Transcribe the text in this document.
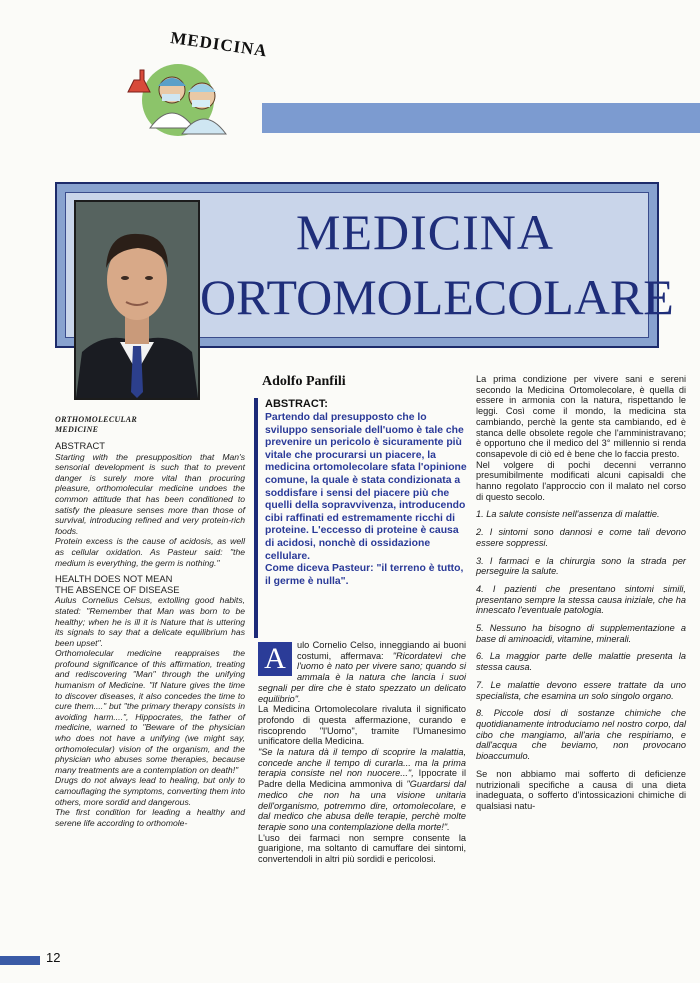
MEDICINA
MEDICINA
ORTOMOLECOLARE

ORTHOMOLECULAR

MEDICINE

ABSTRACT

Starting with the presupposition that Man's sensorial development is such that to prevent danger is surely more vital than procuring pleasure, orthomolecular medicine undoes the common attitude that has been conditioned to satisfy the pleasure senses more than those of survival, introducing refined and very protein-rich foods.

Protein excess is the cause of acidosis, as well as cellular oxidation. As Pasteur said: "the medium is everything, the germ is nothing."

HEALTH DOES NOT MEAN

THE ABSENCE OF DISEASE

Aulus Cornelius Celsus, extolling good habits, stated: "Remember that Man was born to be healthy; when he is ill it is Nature that is uttering its signals to say that a delicate equilibrium has been upset".

Orthomolecular medicine reappraises the profound significance of this affirmation, treating and rediscovering "Man" through the unifying humanism of Medicine. "If Nature gives the time to discover diseases, it also concedes the time to cure them...." but "the primary therapy consists in avoiding harm....", Hippocrates, the father of medicine, warned to "Beware of the physician who does not have a unifying (we might say, orthomolecular) vision of the organism, and the physician who abuses some therapies, because many treatments are a contemplation on death!"

Drugs do not always lead to healing, but only to camouflaging the symptoms, converting them into others, more sordid and dangerous.

The first condition for leading a healthy and serene life according to orthomole-

Adolfo Panfili
ABSTRACT:

Partendo dal presupposto che lo sviluppo sensoriale dell'uomo è tale che prevenire un pericolo è sicuramente più vitale che procurarsi un piacere, la medicina ortomolecolare sfata l'opinione comune, la quale è stata condizionata a soddisfare i sensi del piacere più che quelli della sopravvivenza, introducendo cibi raffinati ed estremamente ricchi di proteine. L'eccesso di proteine è causa di acidosi, nonchè di ossidazione cellulare.

Come diceva Pasteur: "il terreno è tutto, il germe è nulla".

A	ulo Cornelio Celso, inneggiando ai buoni costumi, affermava: "Ricordatevi che l'uomo è nato per vivere sano; quando si ammala è la natura che lancia i suoi segnali per dire che è stato spezzato un delicato equilibrio".

La Medicina Ortomolecolare rivaluta il significato profondo di questa affermazione, curando e riscoprendo "l'Uomo", tramite l'Umanesimo unificatore della Medicina.

"Se la natura dà il tempo di scoprire la malattia, concede anche il tempo di curarla... ma la prima terapia consiste nel non nuocere...", Ippocrate il Padre della Medicina ammoniva di "Guardarsi dal medico che non ha una visione unitaria dell'organismo, potremmo dire, ortomolecolare, e dal medico che abusa delle terapie, perchè molte terapie sono una contemplazione della morte!".

L'uso dei farmaci non sempre consente la guarigione, ma soltanto di camuffare dei sintomi, convertendoli in altri più sordidi e pericolosi.

La prima condizione per vivere sani e sereni secondo la Medicina Ortomolecolare, è quella di essere in armonia con la natura, rispettando le leggi. Così come il mondo, la medicina sta cambiando, perchè la gente sta cambiando, ed è stanca delle obsolete regole che l'amministravano; è opportuno che il medico del 3° millennio si renda consapevole di ciò ed è bene che lo faccia presto.

Nel volgere di pochi decenni verranno presumibilmente modificati alcuni capisaldi che hanno regolato l'approccio con il malato nel corso di questo secolo.

1. La salute consiste nell'assenza di malattie.

2. I sintomi sono dannosi e come tali devono essere soppressi.

3. I farmaci e la chirurgia sono la strada per perseguire la salute.

4. I pazienti che presentano sintomi simili, presentano sempre la stessa causa iniziale, che ha innescato l'eventuale patologia.

5. Nessuno ha bisogno di supplementazione a base di aminoacidi, vitamine, minerali.

6. La maggior parte delle malattie presenta la stessa causa.

7. Le malattie devono essere trattate da uno specialista, che esamina un solo singolo organo.

8. Piccole dosi di sostanze chimiche che quotidianamente introduciamo nel nostro corpo, dal cibo che mangiamo, all'aria che respiriamo, e dall'acqua che beviamo, non provocano bioaccumulo.

Se non abbiamo mai sofferto di deficienze nutrizionali specifiche a causa di una dieta inadeguata, o sofferto d'intossicazioni chimiche di qualsiasi natu-

12
